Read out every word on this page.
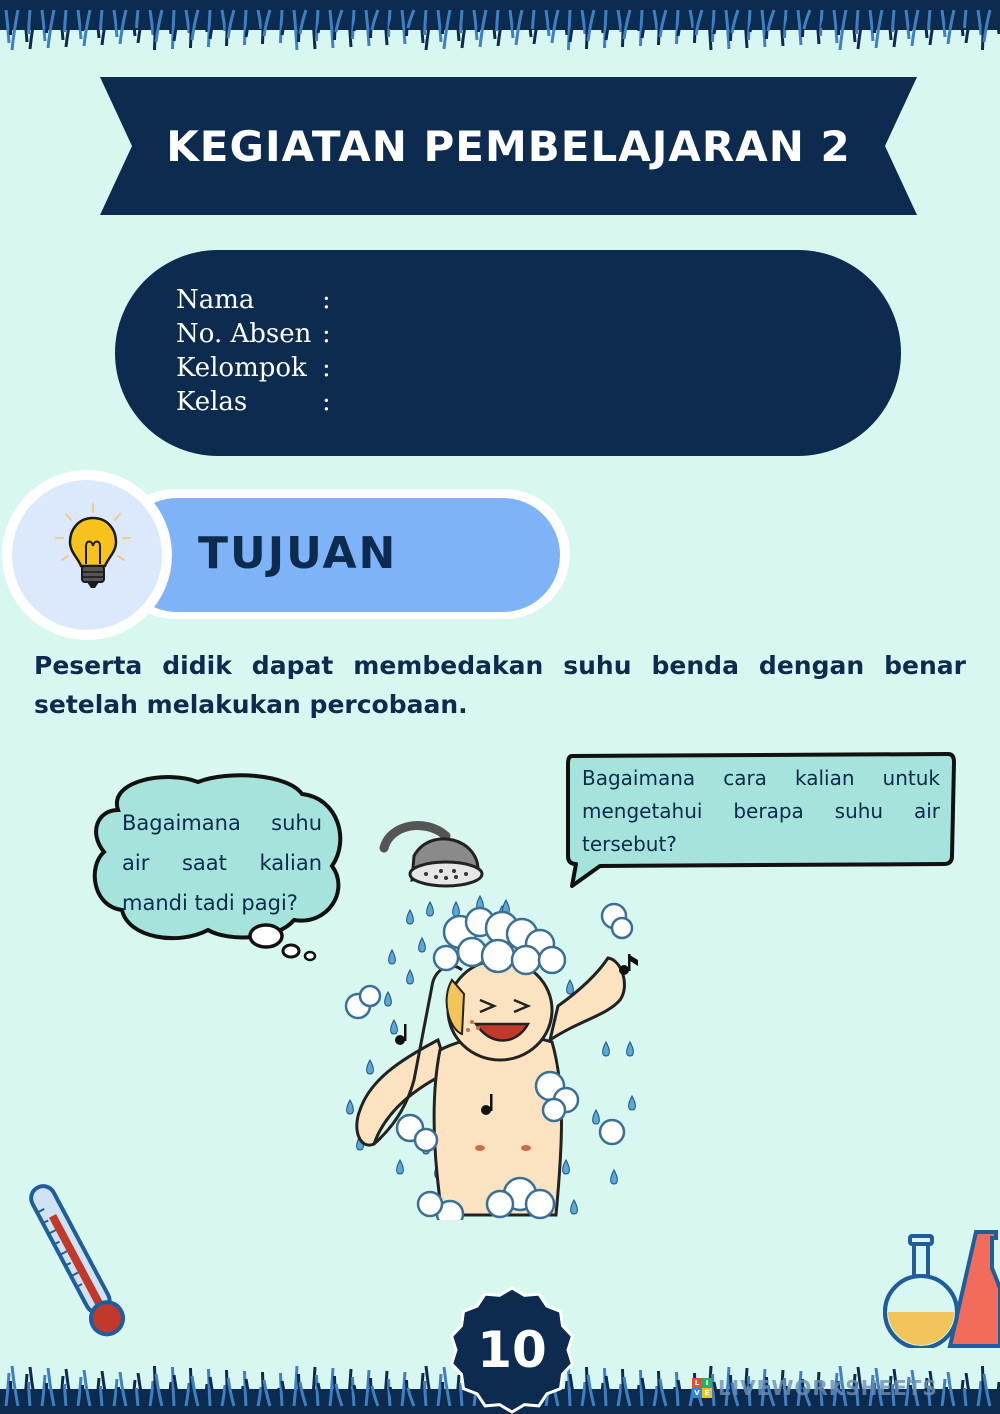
KEGIATAN PEMBELAJARAN 2
Nama	:
No. Absen :
Kelompok :
Kelas	:
TUJUAN
Peserta didik dapat membedakan suhu benda dengan benar setelah melakukan percobaan.
Bagaimana cara kalian untuk mengetahui berapa suhu air tersebut?
Bagaimana suhu air saat kalian mandi tadi pagi?
10
L I
V E LIVEWORKSHEETS
